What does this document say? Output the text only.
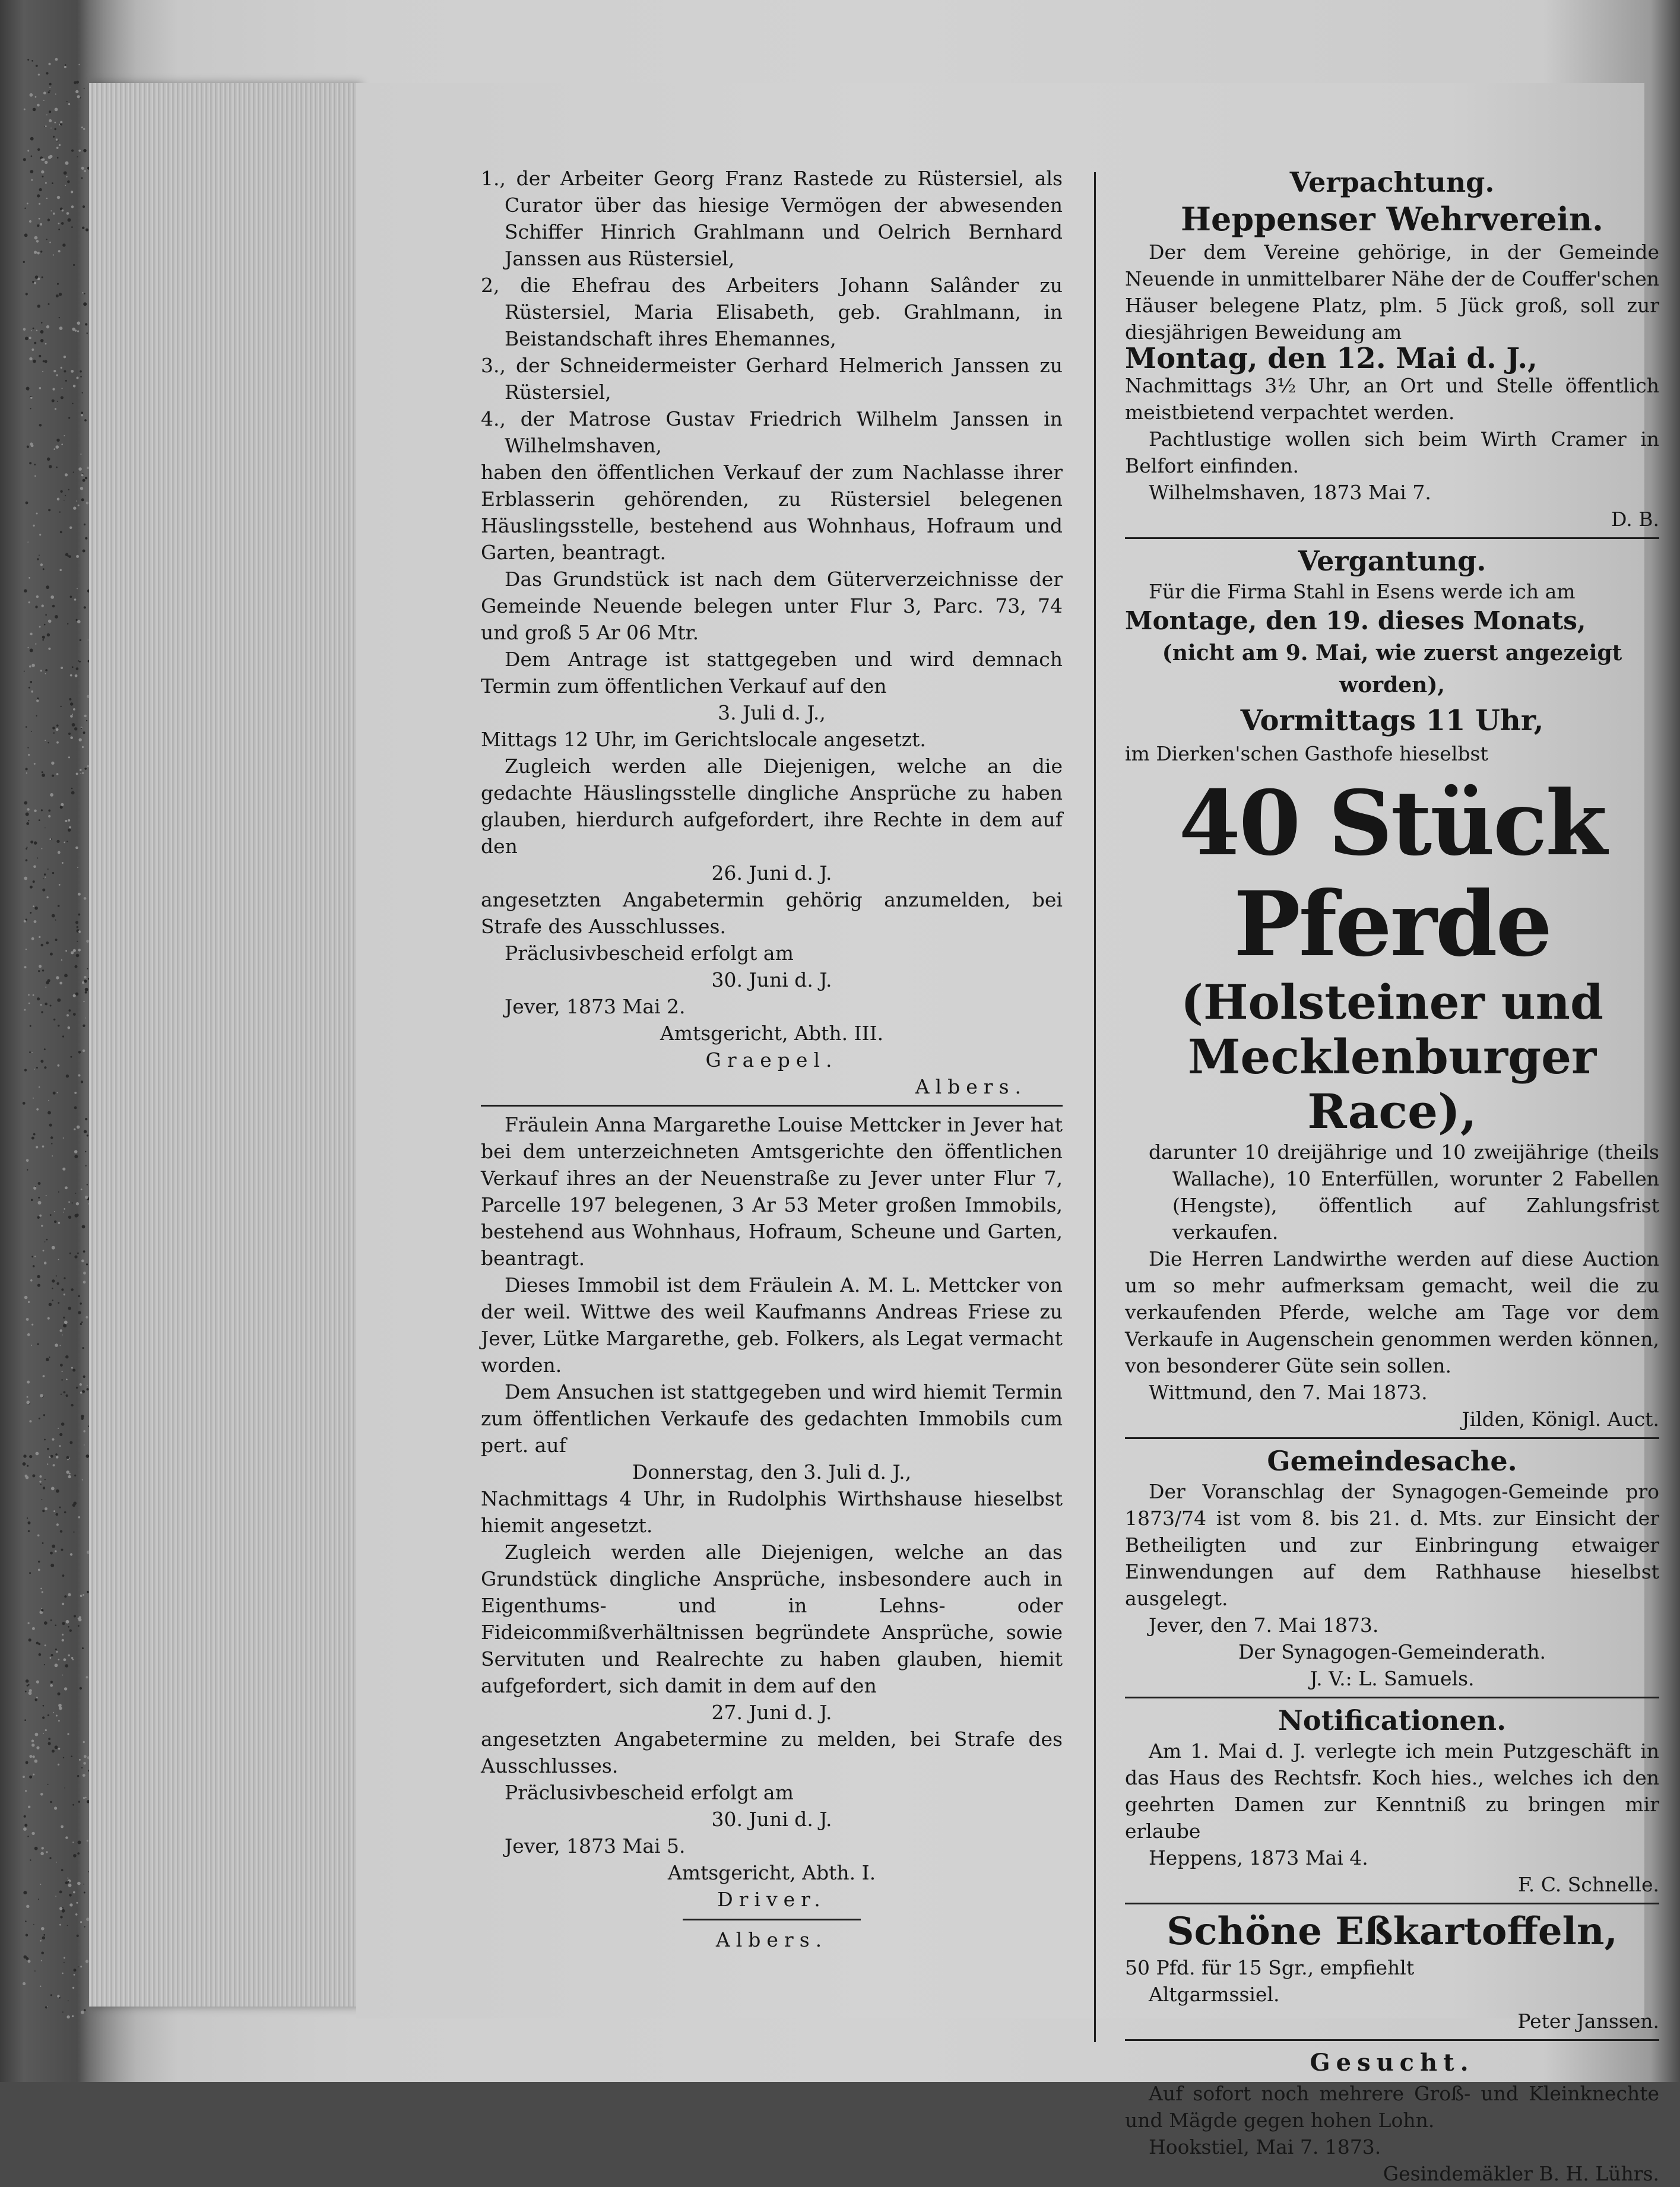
1., der Arbeiter Georg Franz Rastede zu Rüstersiel, als Curator über das hiesige Vermögen der abwesenden Schiffer Hinrich Grahlmann und Oelrich Bernhard Janssen aus Rüstersiel,

2, die Ehefrau des Arbeiters Johann Salânder zu Rüstersiel, Maria Elisabeth, geb. Grahlmann, in Beistandschaft ihres Ehemannes,

3., der Schneidermeister Gerhard Helmerich Janssen zu Rüstersiel,

4., der Matrose Gustav Friedrich Wilhelm Janssen in Wilhelmshaven,

haben den öffentlichen Verkauf der zum Nachlasse ihrer Erblasserin gehörenden, zu Rüstersiel belegenen Häuslingsstelle, bestehend aus Wohnhaus, Hofraum und Garten, beantragt.

Das Grundstück ist nach dem Güterverzeichnisse der Gemeinde Neuende belegen unter Flur 3, Parc. 73, 74 und groß 5 Ar 06 Mtr.

Dem Antrage ist stattgegeben und wird demnach Termin zum öffentlichen Verkauf auf den

3. Juli d. J.,

Mittags 12 Uhr, im Gerichtslocale angesetzt.

Zugleich werden alle Diejenigen, welche an die gedachte Häuslingsstelle dingliche Ansprüche zu haben glauben, hierdurch aufgefordert, ihre Rechte in dem auf den

26. Juni d. J.

angesetzten Angabetermin gehörig anzumelden, bei Strafe des Ausschlusses.

Präclusivbescheid erfolgt am

30. Juni d. J.

Jever, 1873 Mai 2.

Amtsgericht, Abth. III.

Graepel.

Albers.

Fräulein Anna Margarethe Louise Mettcker in Jever hat bei dem unterzeichneten Amtsgerichte den öffentlichen Verkauf ihres an der Neuenstraße zu Jever unter Flur 7, Parcelle 197 belegenen, 3 Ar 53 Meter großen Immobils, bestehend aus Wohnhaus, Hofraum, Scheune und Garten, beantragt.

Dieses Immobil ist dem Fräulein A. M. L. Mettcker von der weil. Wittwe des weil Kaufmanns Andreas Friese zu Jever, Lütke Margarethe, geb. Folkers, als Legat vermacht worden.

Dem Ansuchen ist stattgegeben und wird hiemit Termin zum öffentlichen Verkaufe des gedachten Immobils cum pert. auf

Donnerstag, den 3. Juli d. J.,

Nachmittags 4 Uhr, in Rudolphis Wirthshause hieselbst hiemit angesetzt.

Zugleich werden alle Diejenigen, welche an das Grundstück dingliche Ansprüche, insbesondere auch in Eigenthums- und in Lehns- oder Fideicommißverhältnissen begründete Ansprüche, sowie Servituten und Realrechte zu haben glauben, hiemit aufgefordert, sich damit in dem auf den

27. Juni d. J.

angesetzten Angabetermine zu melden, bei Strafe des Ausschlusses.

Präclusivbescheid erfolgt am

30. Juni d. J.

Jever, 1873 Mai 5.

Amtsgericht, Abth. I.

Driver.

Albers.

Verpachtung.

Heppenser Wehrverein.

Der dem Vereine gehörige, in der Gemeinde Neuende in unmittelbarer Nähe der de Couffer'schen Häuser belegene Platz, plm. 5 Jück groß, soll zur diesjährigen Beweidung am

Montag, den 12. Mai d. J.,

Nachmittags 3½ Uhr, an Ort und Stelle öffentlich meistbietend verpachtet werden.

Pachtlustige wollen sich beim Wirth Cramer in Belfort einfinden.

Wilhelmshaven, 1873 Mai 7.

D. B.

Vergantung.

Für die Firma Stahl in Esens werde ich am

Montage, den 19. dieses Monats,

(nicht am 9. Mai, wie zuerst angezeigt worden),

Vormittags 11 Uhr,

im Dierken'schen Gasthofe hieselbst

40 Stück Pferde

(Holsteiner und Mecklenburger Race),

darunter 10 dreijährige und 10 zweijährige (theils Wallache), 10 Enterfüllen, worunter 2 Fabellen (Hengste), öffentlich auf Zahlungsfrist verkaufen.

Die Herren Landwirthe werden auf diese Auction um so mehr aufmerksam gemacht, weil die zu verkaufenden Pferde, welche am Tage vor dem Verkaufe in Augenschein genommen werden können, von besonderer Güte sein sollen.

Wittmund, den 7. Mai 1873.

Jilden, Königl. Auct.

Gemeindesache.

Der Voranschlag der Synagogen-Gemeinde pro 1873/74 ist vom 8. bis 21. d. Mts. zur Einsicht der Betheiligten und zur Einbringung etwaiger Einwendungen auf dem Rathhause hieselbst ausgelegt.

Jever, den 7. Mai 1873.

Der Synagogen-Gemeinderath.

J. V.: L. Samuels.

Notificationen.

Am 1. Mai d. J. verlegte ich mein Putzgeschäft in das Haus des Rechtsfr. Koch hies., welches ich den geehrten Damen zur Kenntniß zu bringen mir erlaube

Heppens, 1873 Mai 4.

F. C. Schnelle.

Schöne Eßkartoffeln,

50 Pfd. für 15 Sgr., empfiehlt

Altgarmssiel.

Peter Janssen.

Gesucht.

Auf sofort noch mehrere Groß- und Kleinknechte und Mägde gegen hohen Lohn.

Hookstiel, Mai 7. 1873.

Gesindemäkler B. H. Lührs.
